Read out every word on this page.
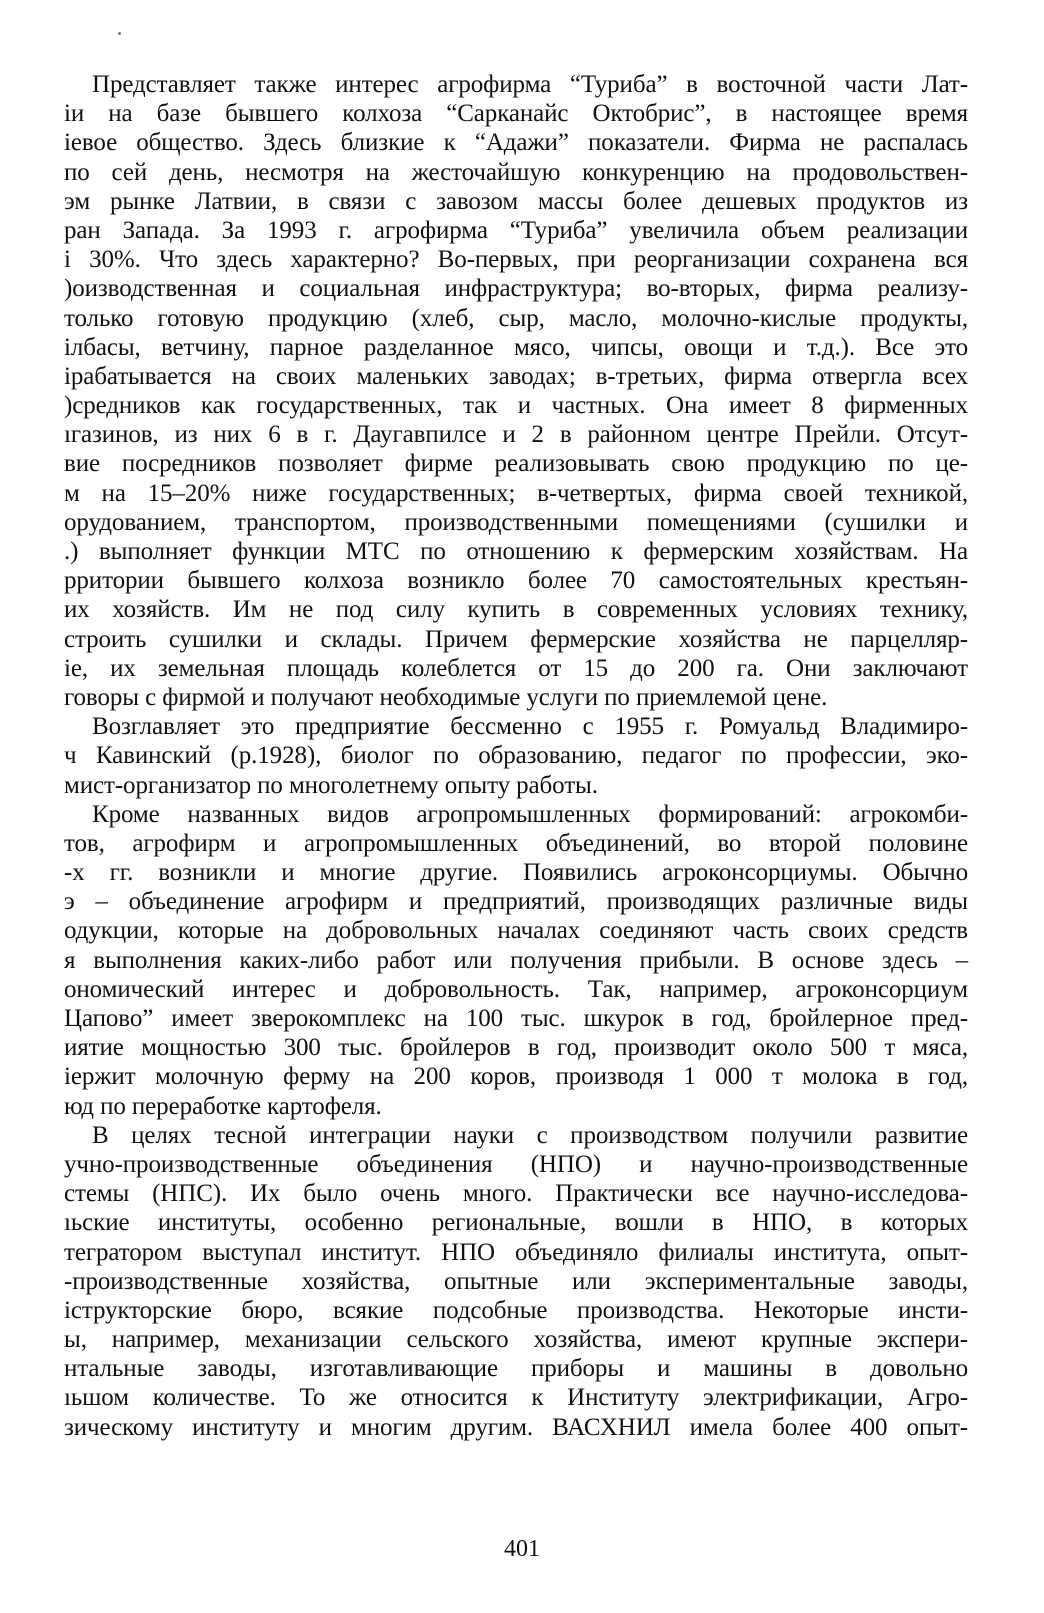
Представляет также интерес агрофирма “Туриба” в восточной части Лат-
іи на базе бывшего колхоза “Сарканайс Октобрис”, в настоящее время
іевое общество. Здесь близкие к “Адажи” показатели. Фирма не распалась
по сей день, несмотря на жесточайшую конкуренцию на продовольствен-
эм рынке Латвии, в связи с завозом массы более дешевых продуктов из
ран Запада. За 1993 г. агрофирма “Туриба” увеличила объем реализации
і 30%. Что здесь характерно? Во-первых, при реорганизации сохранена вся
)оизводственная и социальная инфраструктура; во-вторых, фирма реализу-
только готовую продукцию (хлеб, сыр, масло, молочно-кислые продукты,
ілбасы, ветчину, парное разделанное мясо, чипсы, овощи и т.д.). Все это
ірабатывается на своих маленьких заводах; в-третьих, фирма отвергла всех
)средников как государственных, так и частных. Она имеет 8 фирменных
ıгазинов, из них 6 в г. Даугавпилсе и 2 в районном центре Прейли. Отсут-
вие посредников позволяет фирме реализовывать свою продукцию по це-
м на 15–20% ниже государственных; в-четвертых, фирма своей техникой,
орудованием, транспортом, производственными помещениями (сушилки и
.) выполняет функции МТС по отношению к фермерским хозяйствам. На
рритории бывшего колхоза возникло более 70 самостоятельных крестьян-
их хозяйств. Им не под силу купить в современных условиях технику,
строить сушилки и склады. Причем фермерские хозяйства не парцелляр-
іе, их земельная площадь колеблется от 15 до 200 га. Они заключают
говоры с фирмой и получают необходимые услуги по приемлемой цене.
Возглавляет это предприятие бессменно с 1955 г. Ромуальд Владимиро-
ч Кавинский (р.1928), биолог по образованию, педагог по профессии, эко-
мист-организатор по многолетнему опыту работы.
Кроме названных видов агропромышленных формирований: агрокомби-
тов, агрофирм и агропромышленных объединений, во второй половине
-х гг. возникли и многие другие. Появились агроконсорциумы. Обычно
э – объединение агрофирм и предприятий, производящих различные виды
одукции, которые на добровольных началах соединяют часть своих средств
я выполнения каких-либо работ или получения прибыли. В основе здесь –
ономический интерес и добровольность. Так, например, агроконсорциум
Цапово” имеет зверокомплекс на 100 тыс. шкурок в год, бройлерное пред-
иятие мощностью 300 тыс. бройлеров в год, производит около 500 т мяса,
іержит молочную ферму на 200 коров, производя 1 000 т молока в год,
юд по переработке картофеля.
В целях тесной интеграции науки с производством получили развитие
учно-производственные объединения (НПО) и научно-производственные
стемы (НПС). Их было очень много. Практически все научно-исследова-
ıьские институты, особенно региональные, вошли в НПО, в которых
теграторoм выступал институт. НПО объединяло филиалы института, опыт-
-производственные хозяйства, опытные или экспериментальные заводы,
іструкторские бюро, всякие подсобные производства. Некоторые инсти-
ы, например, механизации сельского хозяйства, имеют крупные экспери-
нтальные заводы, изготавливающие приборы и машины в довольно
ıьшом количестве. То же относится к Институту электрификации, Агро-
зическому институту и многим другим. ВАСХНИЛ имела более 400 опыт-
401
